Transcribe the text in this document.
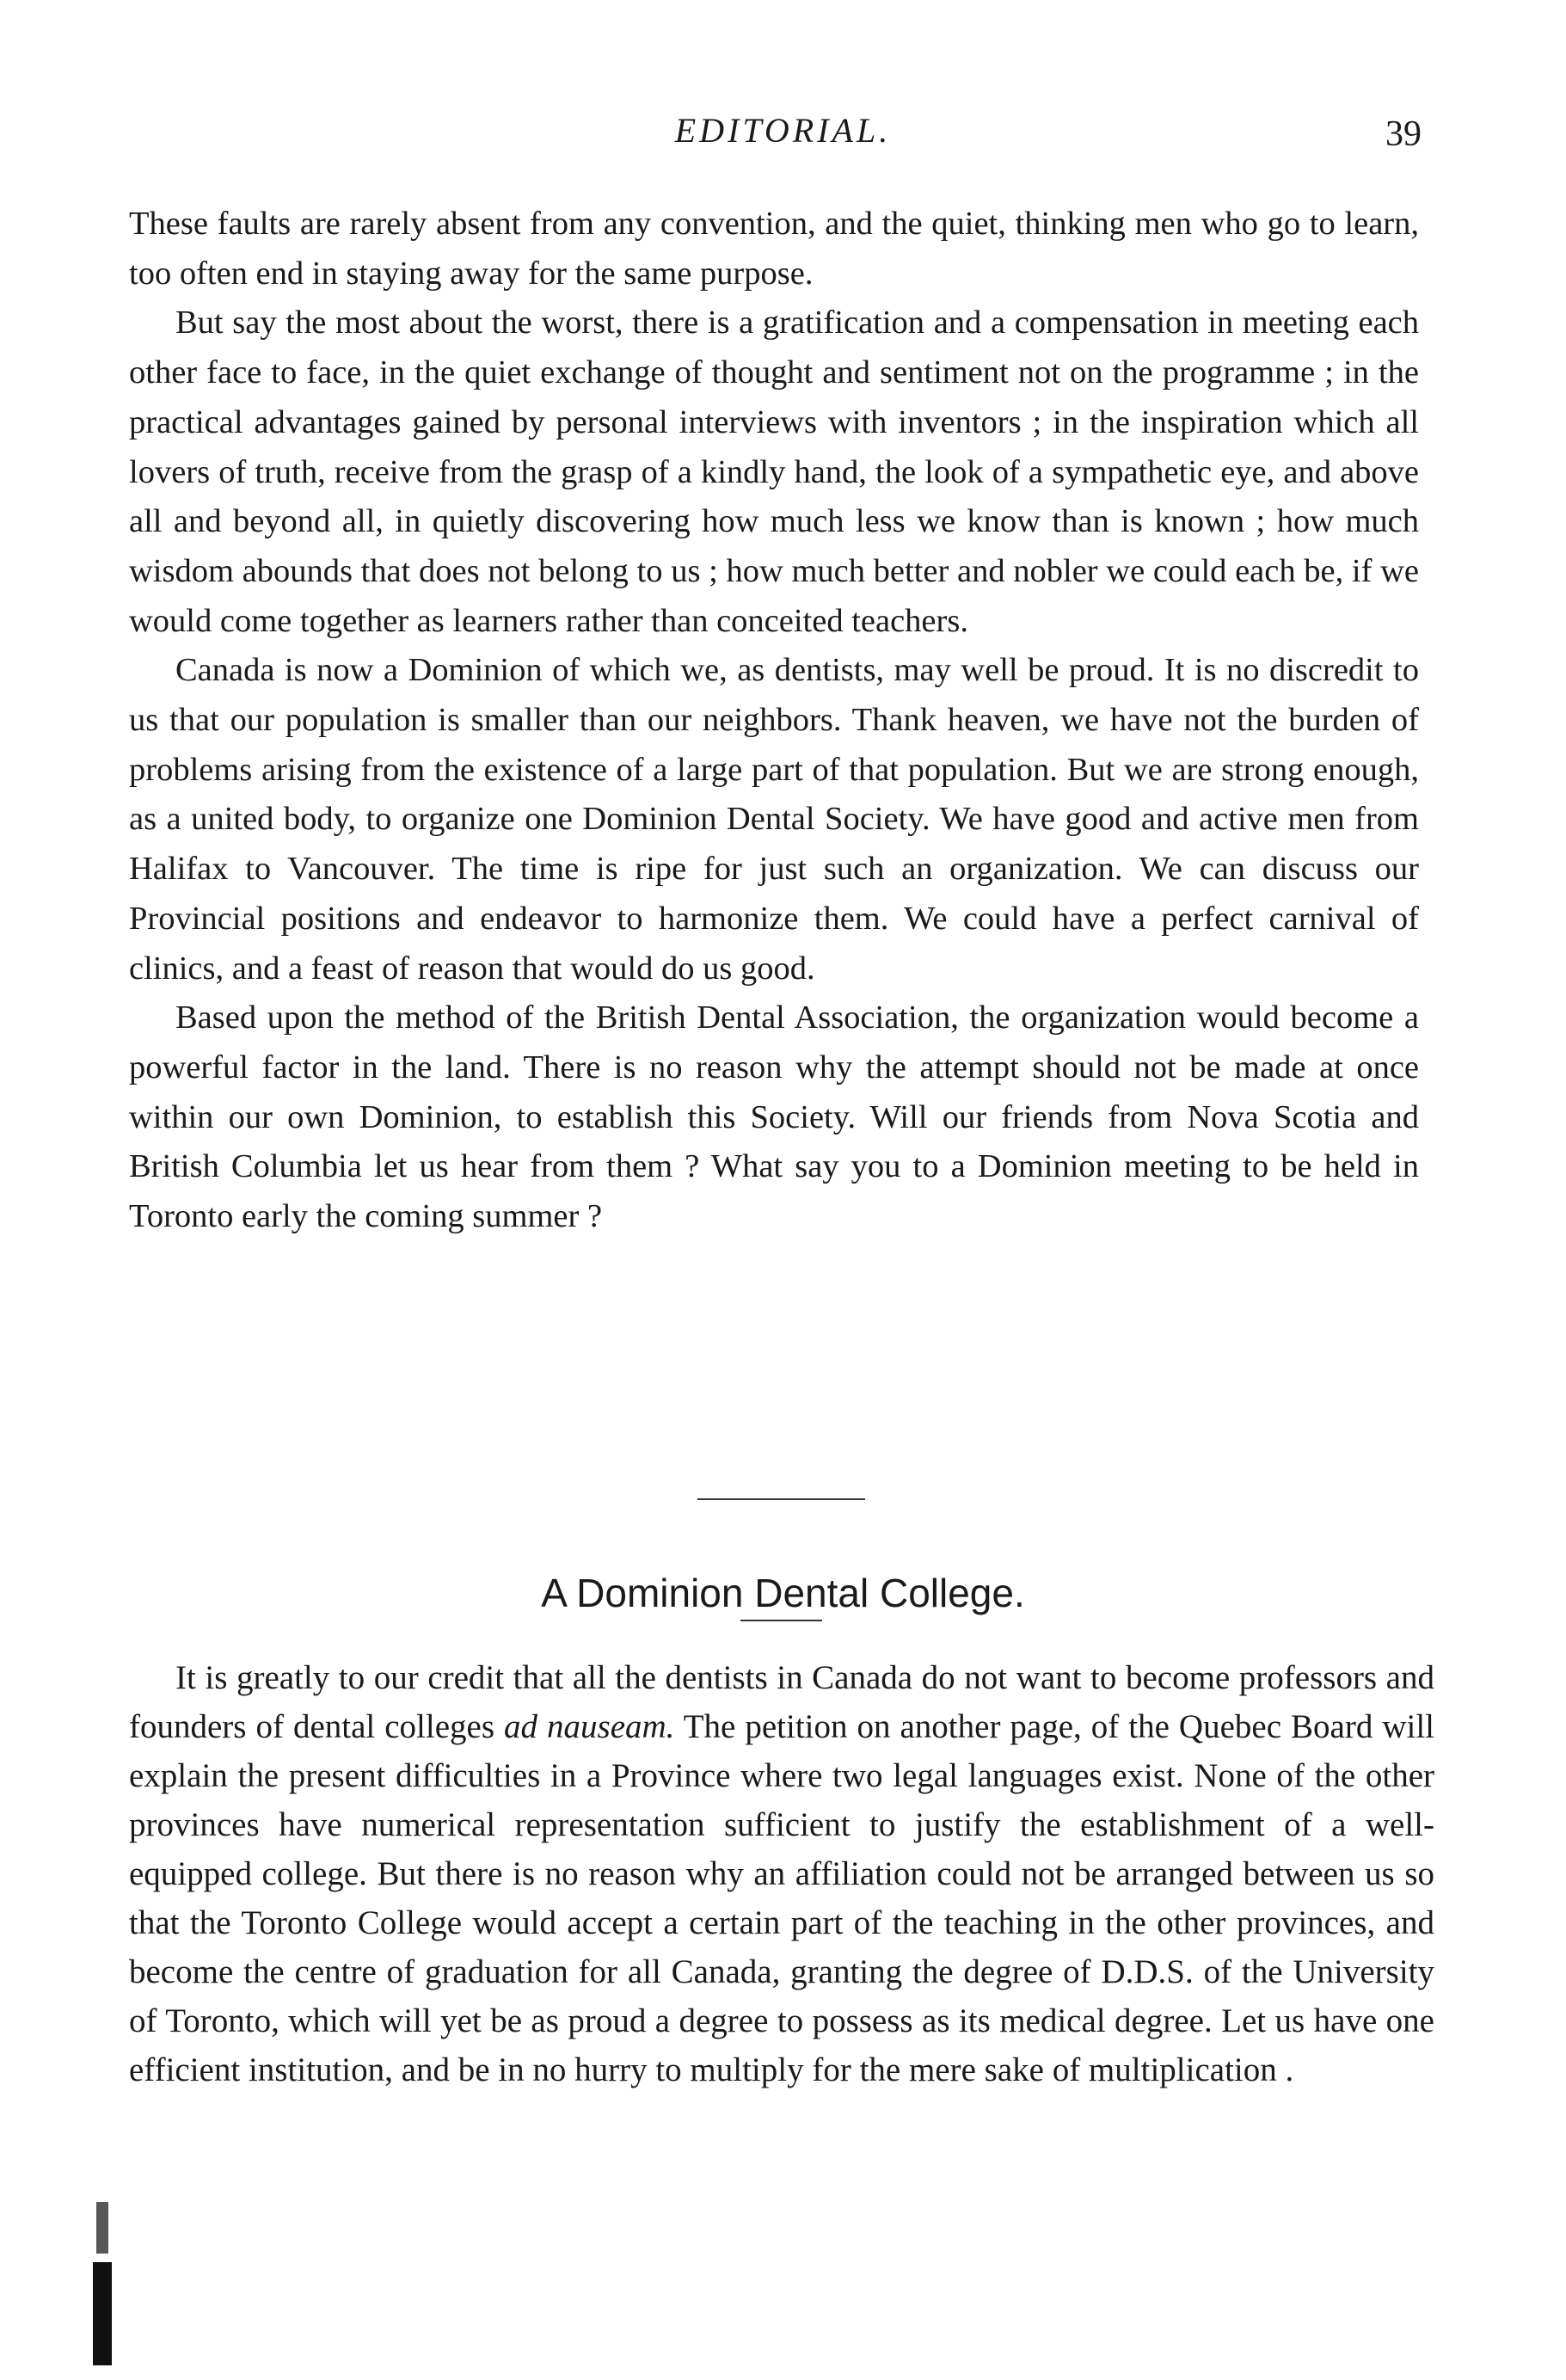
EDITORIAL.	39

These faults are rarely absent from any convention, and the quiet, thinking men who go to learn, too often end in staying away for the same purpose.

But say the most about the worst, there is a gratification and a compensation in meeting each other face to face, in the quiet exchange of thought and sentiment not on the programme ; in the practical advantages gained by personal interviews with inventors ; in the inspiration which all lovers of truth, receive from the grasp of a kindly hand, the look of a sympathetic eye, and above all and beyond all, in quietly discovering how much less we know than is known ; how much wisdom abounds that does not belong to us ; how much better and nobler we could each be, if we would come together as learners rather than conceited teachers.

Canada is now a Dominion of which we, as dentists, may well be proud. It is no discredit to us that our population is smaller than our neighbors. Thank heaven, we have not the burden of problems arising from the existence of a large part of that population. But we are strong enough, as a united body, to organize one Dominion Dental Society. We have good and active men from Halifax to Vancouver. The time is ripe for just such an organization. We can discuss our Provincial positions and endeavor to harmonize them. We could have a perfect carnival of clinics, and a feast of reason that would do us good.

Based upon the method of the British Dental Association, the organization would become a powerful factor in the land. There is no reason why the attempt should not be made at once within our own Dominion, to establish this Society. Will our friends from Nova Scotia and British Columbia let us hear from them ? What say you to a Dominion meeting to be held in Toronto early the coming summer ?

A Dominion Dental College.

It is greatly to our credit that all the dentists in Canada do not want to become professors and founders of dental colleges ad nauseam. The petition on another page, of the Quebec Board will explain the present difficulties in a Province where two legal languages exist. None of the other provinces have numerical representation sufficient to justify the establishment of a well-equipped college. But there is no reason why an affiliation could not be arranged between us so that the Toronto College would accept a certain part of the teaching in the other provinces, and become the centre of graduation for all Canada, granting the degree of D.D.S. of the University of Toronto, which will yet be as proud a degree to possess as its medical degree. Let us have one efficient institution, and be in no hurry to multiply for the mere sake of multiplication .
